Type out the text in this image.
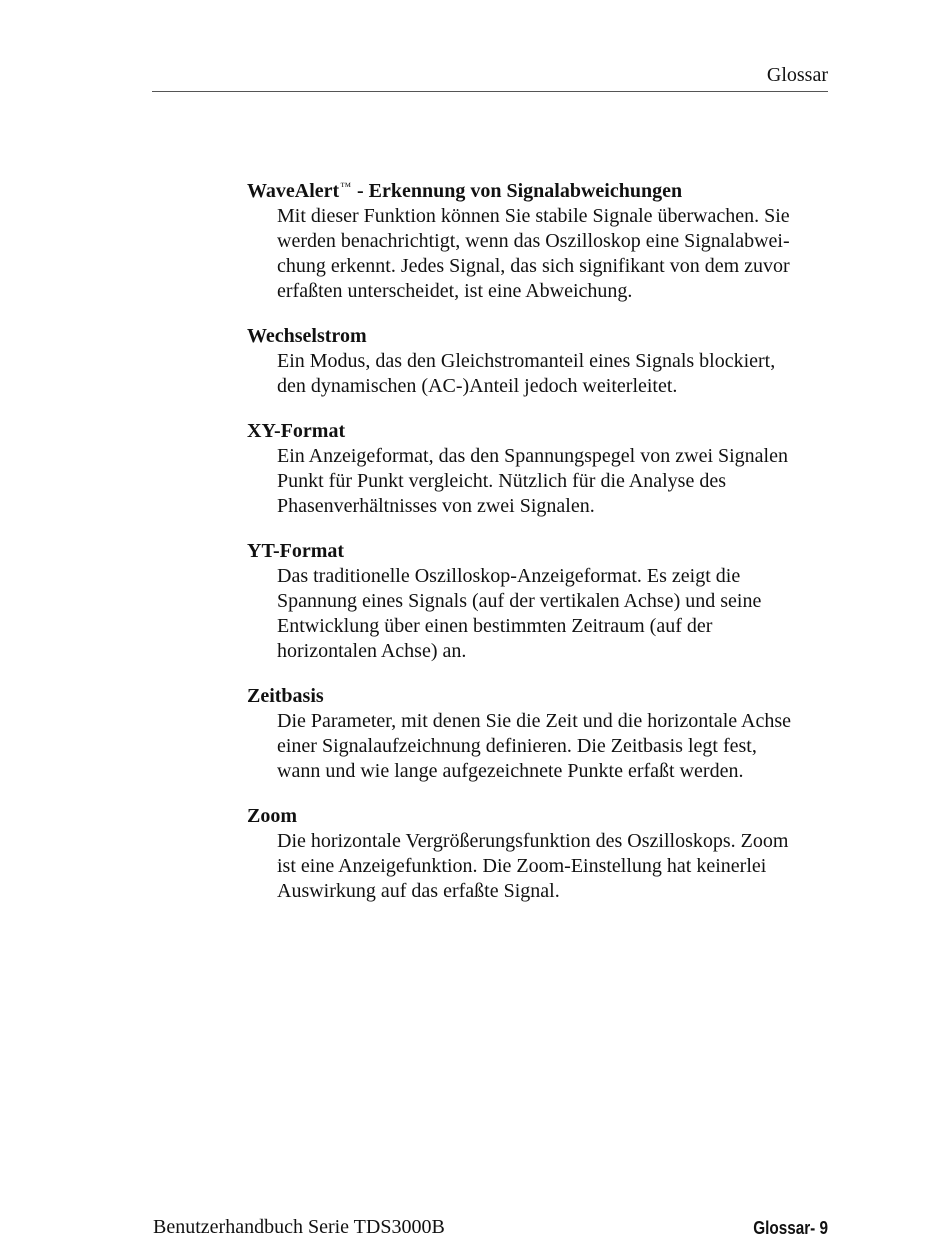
Glossar
WaveAlert™ - Erkennung von Signalabweichungen
Mit dieser Funktion können Sie stabile Signale überwachen. Sie
werden benachrichtigt, wenn das Oszilloskop eine Signalabwei-
chung erkennt. Jedes Signal, das sich signifikant von dem zuvor
erfaßten unterscheidet, ist eine Abweichung.
Wechselstrom
Ein Modus, das den Gleichstromanteil eines Signals blockiert,
den dynamischen (AC-)Anteil jedoch weiterleitet.
XY-Format
Ein Anzeigeformat, das den Spannungspegel von zwei Signalen
Punkt für Punkt vergleicht. Nützlich für die Analyse des
Phasenverhältnisses von zwei Signalen.
YT-Format
Das traditionelle Oszilloskop-Anzeigeformat. Es zeigt die
Spannung eines Signals (auf der vertikalen Achse) und seine
Entwicklung über einen bestimmten Zeitraum (auf der
horizontalen Achse) an.
Zeitbasis
Die Parameter, mit denen Sie die Zeit und die horizontale Achse
einer Signalaufzeichnung definieren. Die Zeitbasis legt fest,
wann und wie lange aufgezeichnete Punkte erfaßt werden.
Zoom
Die horizontale Vergrößerungsfunktion des Oszilloskops. Zoom
ist eine Anzeigefunktion. Die Zoom-Einstellung hat keinerlei
Auswirkung auf das erfaßte Signal.
Benutzerhandbuch Serie TDS3000B	Glossar- 9
